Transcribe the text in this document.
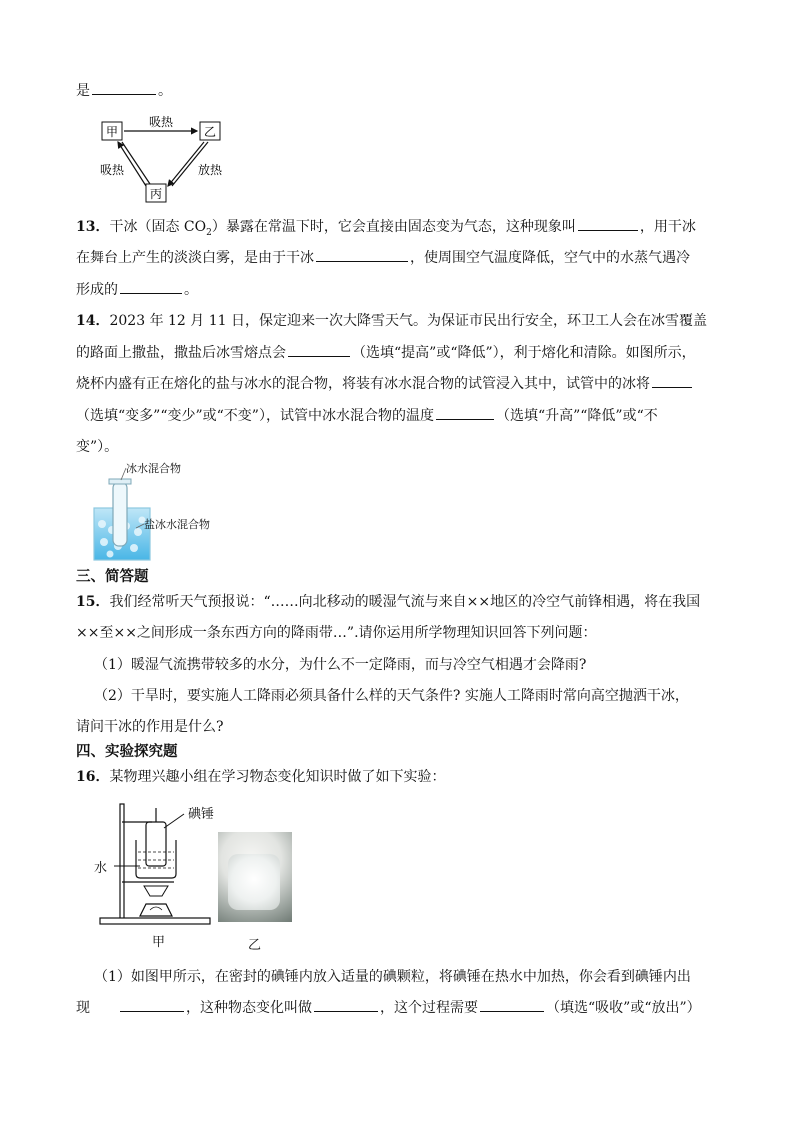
是	。
甲	乙
丙
吸热
吸热	放热
13．干冰（固态 $CO_2$）暴露在常温下时，它会直接由固态变为气态，这种现象叫	，用干冰
在舞台上产生的淡淡白雾，是由于干冰	，使周围空气温度降低，空气中的水蒸气遇冷
形成的	。
14．2023 年 12 月 11 日，保定迎来一次大降雪天气。为保证市民出行安全，环卫工人会在冰雪覆盖
的路面上撒盐，撒盐后冰雪熔点会	（选填“提高”或“降低”），利于熔化和清除。如图所示，
烧杯内盛有正在熔化的盐与冰水的混合物，将装有冰水混合物的试管浸入其中，试管中的冰将
（选填“变多”“变少”或“不变”），试管中冰水混合物的温度	（选填“升高”“降低”或“不
变”）。
冰水混合物
盐冰水混合物
三、简答题
15．我们经常听天气预报说：“……向北移动的暖湿气流与来自××地区的冷空气前锋相遇，将在我国
××至××之间形成一条东西方向的降雨带…”.请你运用所学物理知识回答下列问题：
（1）暖湿气流携带较多的水分，为什么不一定降雨，而与冷空气相遇才会降雨?
（2）干旱时，要实施人工降雨必须具备什么样的天气条件? 实施人工降雨时常向高空抛洒干冰，
请问干冰的作用是什么?
四、实验探究题
16．某物理兴趣小组在学习物态变化知识时做了如下实验：
碘锤
水
甲	乙
（1）如图甲所示，在密封的碘锤内放入适量的碘颗粒，将碘锤在热水中加热，你会看到碘锤内出
现	，这种物态变化叫做	，这个过程需要	（填选“吸收”或“放出”）
